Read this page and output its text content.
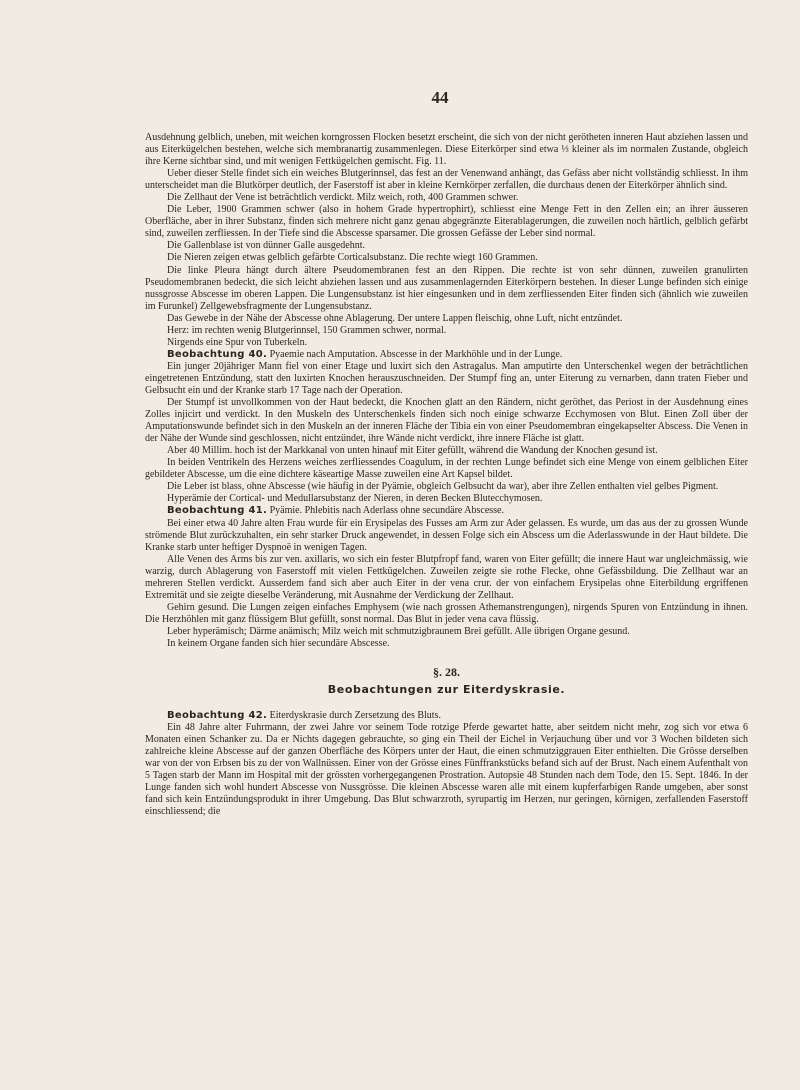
44

Ausdehnung gelblich, uneben, mit weichen korngrossen Flocken besetzt erscheint, die sich von der nicht gerötheten inneren Haut abziehen lassen und aus Eiterkügelchen bestehen, welche sich membranartig zusammenlegen. Diese Eiterkörper sind etwa ⅓ kleiner als im normalen Zustande, obgleich ihre Kerne sichtbar sind, und mit wenigen Fettkügelchen gemischt. Fig. 11.

Ueber dieser Stelle findet sich ein weiches Blutgerinnsel, das fest an der Venenwand anhängt, das Gefäss aber nicht vollständig schliesst. In ihm unterscheidet man die Blutkörper deutlich, der Faserstoff ist aber in kleine Kernkörper zerfallen, die durchaus denen der Eiterkörper ähnlich sind.

Die Zellhaut der Vene ist beträchtlich verdickt. Milz weich, roth, 400 Grammen schwer.

Die Leber, 1900 Grammen schwer (also in hohem Grade hypertrophirt), schliesst eine Menge Fett in den Zellen ein; an ihrer äusseren Oberfläche, aber in ihrer Substanz, finden sich mehrere nicht ganz genau abgegränzte Eiterablagerungen, die zuweilen noch härtlich, gelblich gefärbt sind, zuweilen zerfliessen. In der Tiefe sind die Abscesse sparsamer. Die grossen Gefässe der Leber sind normal.

Die Gallenblase ist von dünner Galle ausgedehnt.

Die Nieren zeigen etwas gelblich gefärbte Corticalsubstanz. Die rechte wiegt 160 Grammen.

Die linke Pleura hängt durch ältere Pseudomembranen fest an den Rippen. Die rechte ist von sehr dünnen, zuweilen granulirten Pseudomembranen bedeckt, die sich leicht abziehen lassen und aus zusammenlagernden Eiterkörpern bestehen. In dieser Lunge befinden sich einige nussgrosse Abscesse im oberen Lappen. Die Lungensubstanz ist hier eingesunken und in dem zerfliessenden Eiter finden sich (ähnlich wie zuweilen im Furunkel) Zellgewebsfragmente der Lungensubstanz.

Das Gewebe in der Nähe der Abscesse ohne Ablagerung. Der untere Lappen fleischig, ohne Luft, nicht entzündet.

Herz: im rechten wenig Blutgerinnsel, 150 Grammen schwer, normal.

Nirgends eine Spur von Tuberkeln.

Beobachtung 40. Pyaemie nach Amputation. Abscesse in der Markhöhle und in der Lunge.

Ein junger 20jähriger Mann fiel von einer Etage und luxirt sich den Astragalus. Man amputirte den Unterschenkel wegen der beträchtlichen eingetretenen Entzündung, statt den luxirten Knochen herauszuschneiden. Der Stumpf fing an, unter Eiterung zu vernarben, dann traten Fieber und Gelbsucht ein und der Kranke starb 17 Tage nach der Operation.

Der Stumpf ist unvollkommen von der Haut bedeckt, die Knochen glatt an den Rändern, nicht geröthet, das Periost in der Ausdehnung eines Zolles injicirt und verdickt. In den Muskeln des Unterschenkels finden sich noch einige schwarze Ecchymosen von Blut. Einen Zoll über der Amputationswunde befindet sich in den Muskeln an der inneren Fläche der Tibia ein von einer Pseudomembran eingekapselter Abscess. Die Venen in der Nähe der Wunde sind geschlossen, nicht entzündet, ihre Wände nicht verdickt, ihre innere Fläche ist glatt.

Aber 40 Millim. hoch ist der Markkanal von unten hinauf mit Eiter gefüllt, während die Wandung der Knochen gesund ist.

In beiden Ventrikeln des Herzens weiches zerfliessendes Coagulum, in der rechten Lunge befindet sich eine Menge von einem gelblichen Eiter gebildeter Abscesse, um die eine dichtere käseartige Masse zuweilen eine Art Kapsel bildet.

Die Leber ist blass, ohne Abscesse (wie häufig in der Pyämie, obgleich Gelbsucht da war), aber ihre Zellen enthalten viel gelbes Pigment.

Hyperämie der Cortical- und Medullarsubstanz der Nieren, in deren Becken Blutecchymosen.

Beobachtung 41. Pyämie. Phlebitis nach Aderlass ohne secundäre Abscesse.

Bei einer etwa 40 Jahre alten Frau wurde für ein Erysipelas des Fusses am Arm zur Ader gelassen. Es wurde, um das aus der zu grossen Wunde strömende Blut zurückzuhalten, ein sehr starker Druck angewendet, in dessen Folge sich ein Abscess um die Aderlasswunde in der Haut bildete. Die Kranke starb unter heftiger Dyspnoë in wenigen Tagen.

Alle Venen des Arms bis zur ven. axillaris, wo sich ein fester Blutpfropf fand, waren von Eiter gefüllt; die innere Haut war ungleichmässig, wie warzig, durch Ablagerung von Faserstoff mit vielen Fettkügelchen. Zuweilen zeigte sie rothe Flecke, ohne Gefässbildung. Die Zellhaut war an mehreren Stellen verdickt. Ausserdem fand sich aber auch Eiter in der vena crur. der von einfachem Erysipelas ohne Eiterbildung ergriffenen Extremität und sie zeigte dieselbe Veränderung, mit Ausnahme der Verdickung der Zellhaut.

Gehirn gesund. Die Lungen zeigen einfaches Emphysem (wie nach grossen Athemanstrengungen), nirgends Spuren von Entzündung in ihnen. Die Herzhöhlen mit ganz flüssigem Blut gefüllt, sonst normal. Das Blut in jeder vena cava flüssig.

Leber hyperämisch; Därme anämisch; Milz weich mit schmutzigbraunem Brei gefüllt. Alle übrigen Organe gesund.

In keinem Organe fanden sich hier secundäre Abscesse.

§. 28.
Beobachtungen zur Eiterdyskrasie.

Beobachtung 42. Eiterdyskrasie durch Zersetzung des Bluts.

Ein 48 Jahre alter Fuhrmann, der zwei Jahre vor seinem Tode rotzige Pferde gewartet hatte, aber seitdem nicht mehr, zog sich vor etwa 6 Monaten einen Schanker zu. Da er Nichts dagegen gebrauchte, so ging ein Theil der Eichel in Verjauchung über und vor 3 Wochen bildeten sich zahlreiche kleine Abscesse auf der ganzen Oberfläche des Körpers unter der Haut, die einen schmutziggrauen Eiter enthielten. Die Grösse derselben war von der von Erbsen bis zu der von Wallnüssen. Einer von der Grösse eines Fünffrankstücks befand sich auf der Brust. Nach einem Aufenthalt von 5 Tagen starb der Mann im Hospital mit der grössten vorhergegangenen Prostration. Autopsie 48 Stunden nach dem Tode, den 15. Sept. 1846. In der Lunge fanden sich wohl hundert Abscesse von Nussgrösse. Die kleinen Abscesse waren alle mit einem kupferfarbigen Rande umgeben, aber sonst fand sich kein Entzündungsprodukt in ihrer Umgebung. Das Blut schwarzroth, syrupartig im Herzen, nur geringen, körnigen, zerfallenden Faserstoff einschliessend; die
